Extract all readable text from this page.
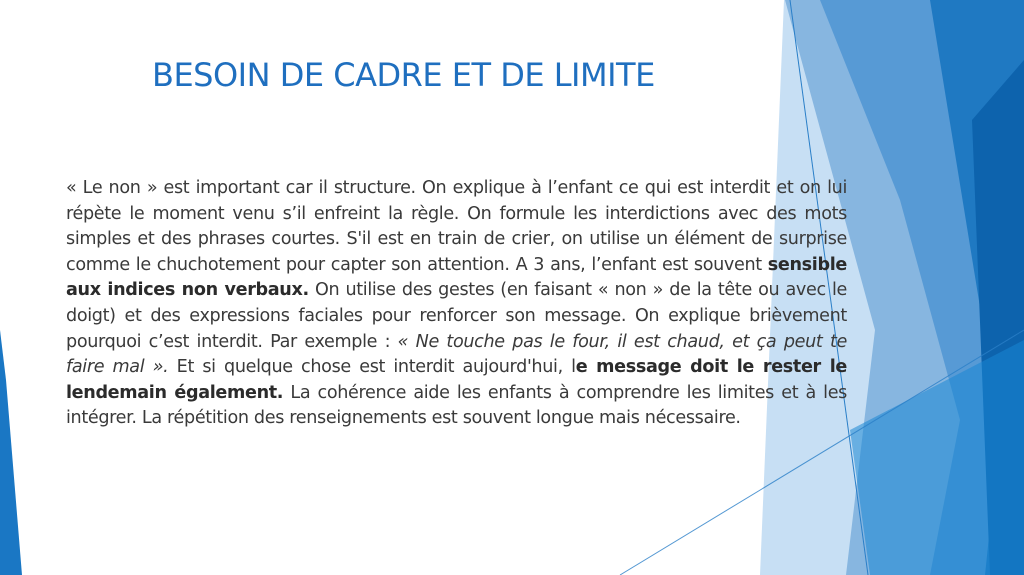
BESOIN DE CADRE ET DE LIMITE

« Le non » est important car il structure. On explique à l’enfant ce qui est interdit et on lui répète le moment venu s’il enfreint la règle. On formule les interdictions avec des mots simples et des phrases courtes. S'il est en train de crier, on utilise un élément de surprise comme le chuchotement pour capter son attention. A 3 ans, l’enfant est souvent sensible aux indices non verbaux. On utilise des gestes (en faisant « non » de la tête ou avec le doigt) et des expressions faciales pour renforcer son message. On explique brièvement pourquoi c’est interdit. Par exemple : « Ne touche pas le four, il est chaud, et ça peut te faire mal ». Et si quelque chose est interdit aujourd'hui, le message doit le rester le lendemain également. La cohérence aide les enfants à comprendre les limites et à les intégrer. La répétition des renseignements est souvent longue mais nécessaire.
